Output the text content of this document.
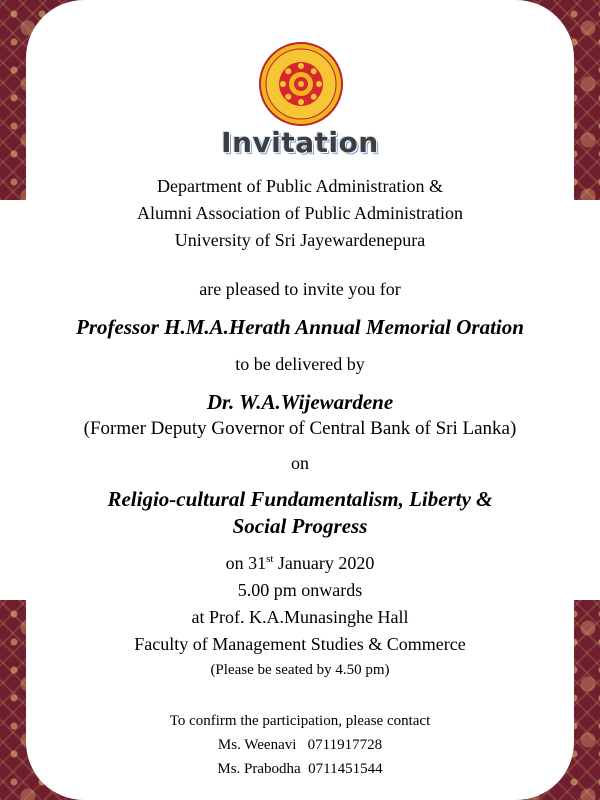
Invitation
Department of Public Administration &
Alumni Association of Public Administration
University of Sri Jayewardenepura
are pleased to invite you for
Professor H.M.A.Herath Annual Memorial Oration
to be delivered by
Dr. W.A.Wijewardene
(Former Deputy Governor of Central Bank of Sri Lanka)
on
Religio-cultural Fundamentalism, Liberty &
Social Progress
on 31st January 2020
5.00 pm onwards
at Prof. K.A.Munasinghe Hall
Faculty of Management Studies & Commerce
(Please be seated by 4.50 pm)
To confirm the participation, please contact
Ms. Weenavi   0711917728
Ms. Prabodha  0711451544
